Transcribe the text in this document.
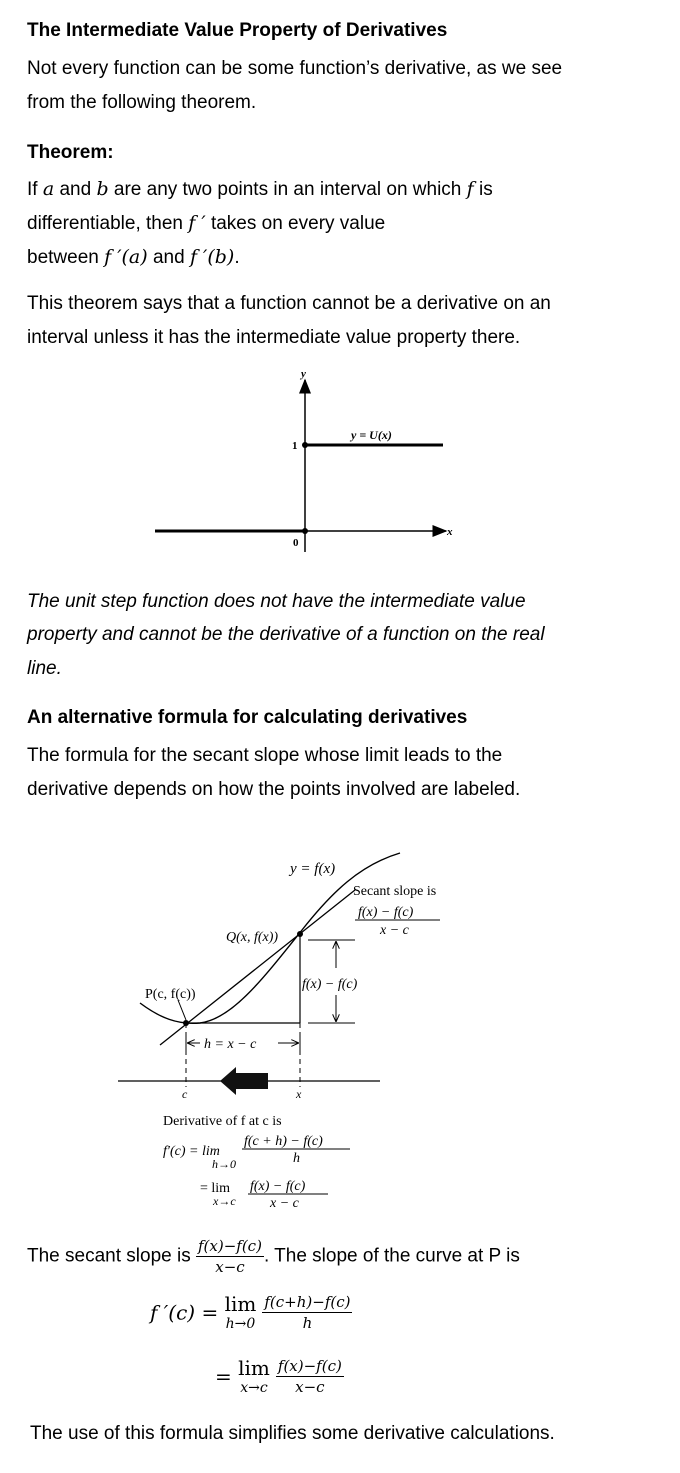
The Intermediate Value Property of Derivatives
Not every function can be some function’s derivative, as we see
from the following theorem.
Theorem:
If a and b are any two points in an interval on which f is
differentiable, then f ′ takes on every value
between f ′(a) and f ′(b).
This theorem says that a function cannot be a derivative on an
interval unless it has the intermediate value property there.
y
x
1
0
y = U(x)
The unit step function does not have the intermediate value
property and cannot be the derivative of a function on the real
line.
An alternative formula for calculating derivatives
The formula for the secant slope whose limit leads to the
derivative depends on how the points involved are labeled.
y = f(x)
Secant slope is
f(x) − f(c)
x − c
Q(x, f(x))
P(c, f(c))
f(x) − f(c)
h = x − c
c	x
Derivative of f at c is
f′(c) = lim
h→0
f(c + h) − f(c)
h
= lim
x→c
f(x) − f(c)
x − c
The secant slope is $\frac{f(x)-f(c)}{x-c}$ . The slope of the curve at P is
f ′(c) = lim
$h\to 0 \frac{f(c+h)-f(c)}{h}$
= lim
$x\to c \frac{f(x)-f(c)}{x-c}$
The use of this formula simplifies some derivative calculations.
